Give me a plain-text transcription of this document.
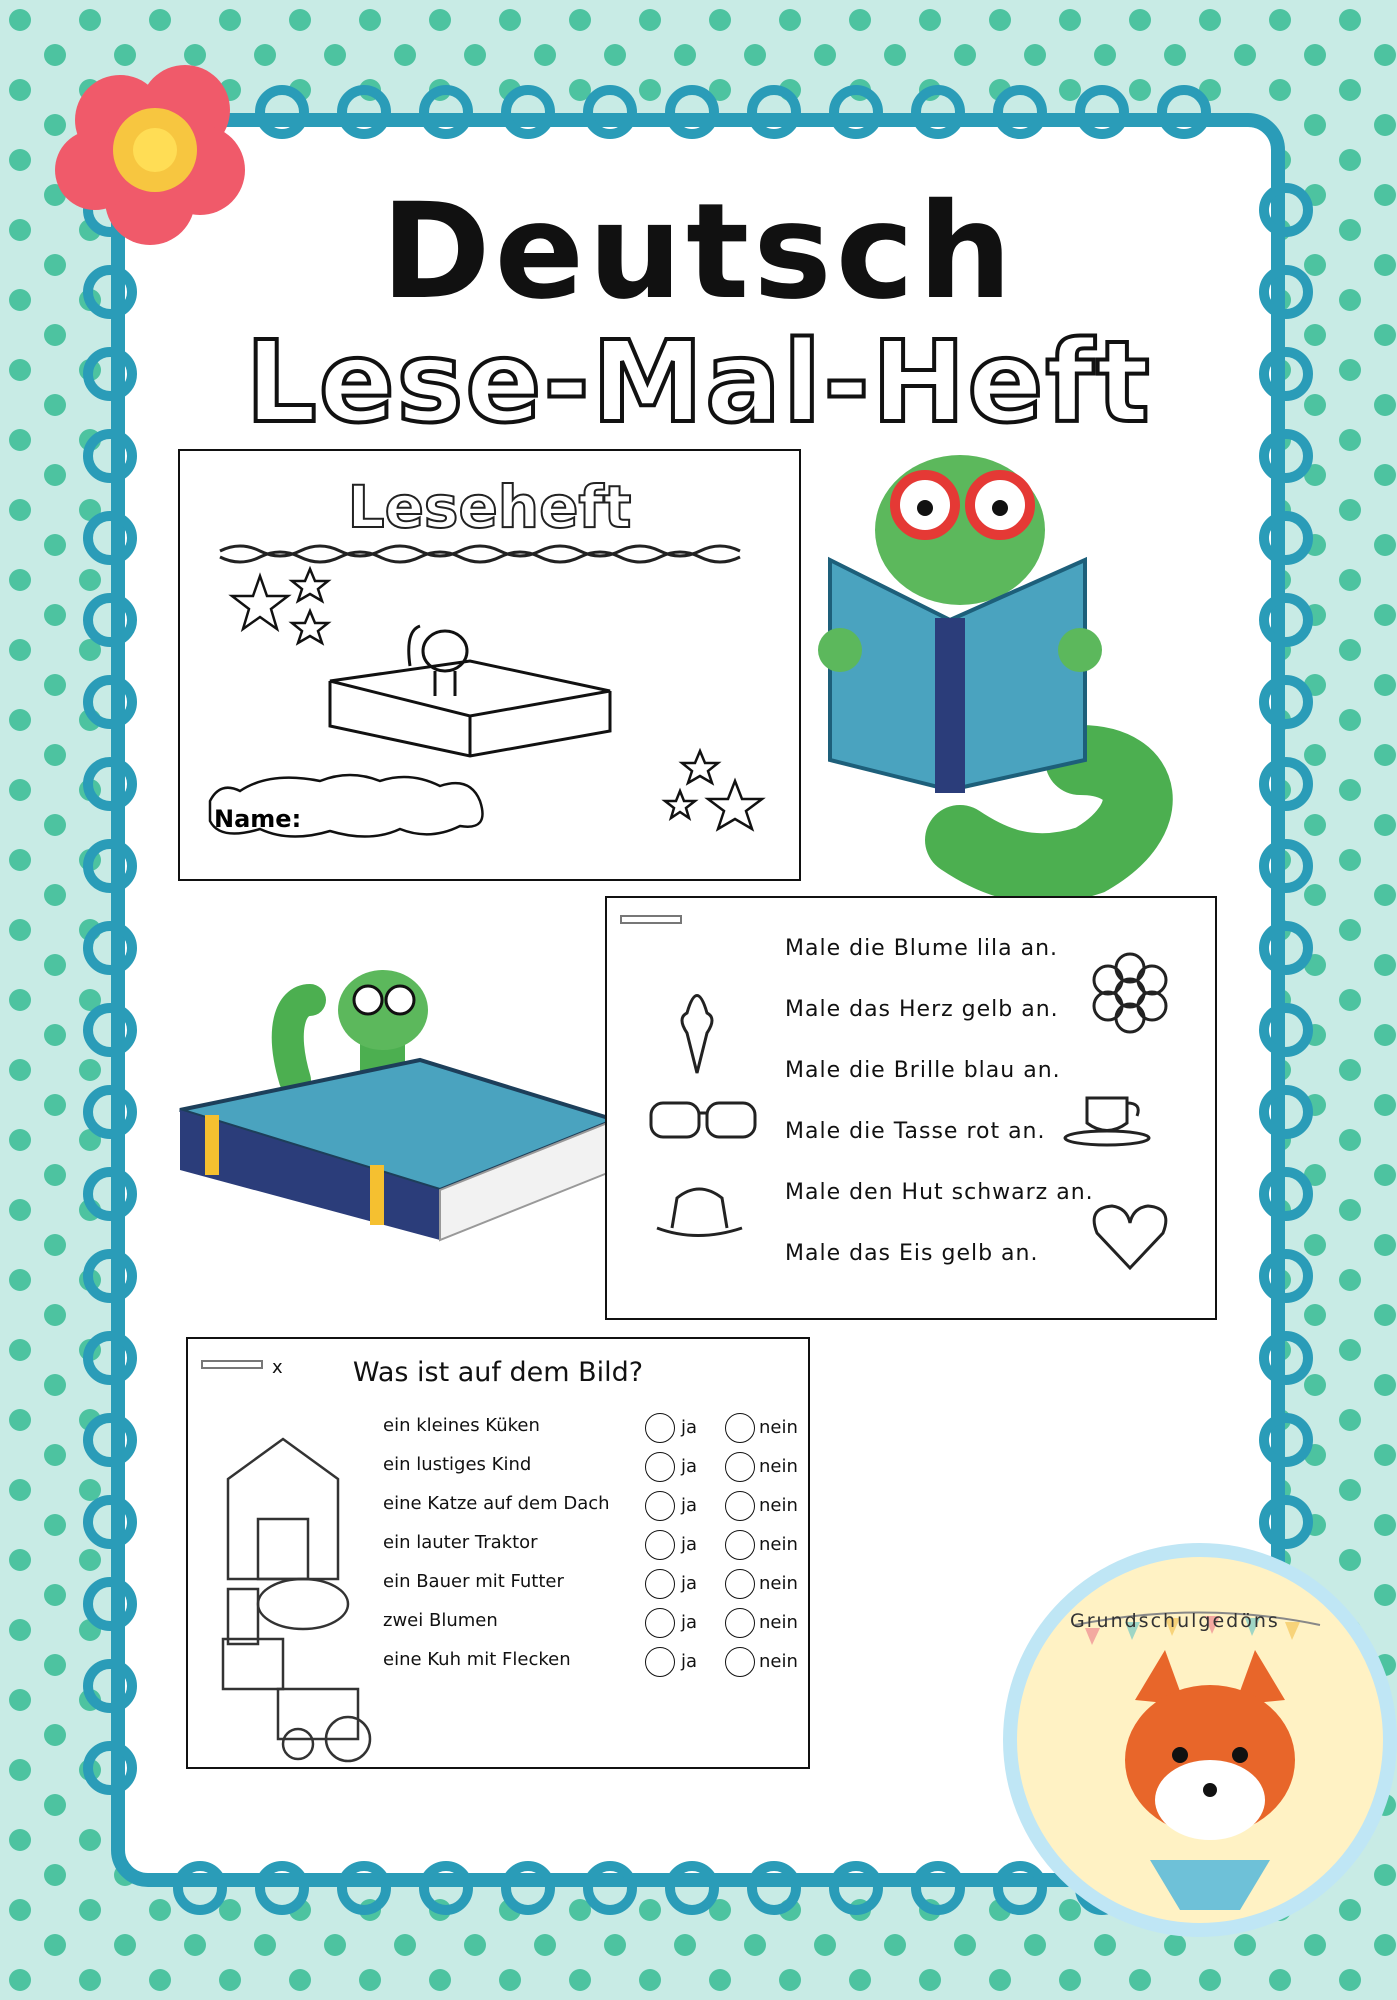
Deutsch
Lese-Mal-Heft
Leseheft
Name:
Male die Blume lila an.
Male das Herz gelb an.
Male die Brille blau an.
Male die Tasse rot an.
Male den Hut schwarz an.
Male das Eis gelb an.
x	Was ist auf dem Bild?
ein kleines Küken	ja	nein
ein lustiges Kind	ja	nein
eine Katze auf dem Dach	ja	nein
ein lauter Traktor	ja	nein
ein Bauer mit Futter	ja	nein
zwei Blumen	ja	nein
eine Kuh mit Flecken	ja	nein
Grundschulgedöns
